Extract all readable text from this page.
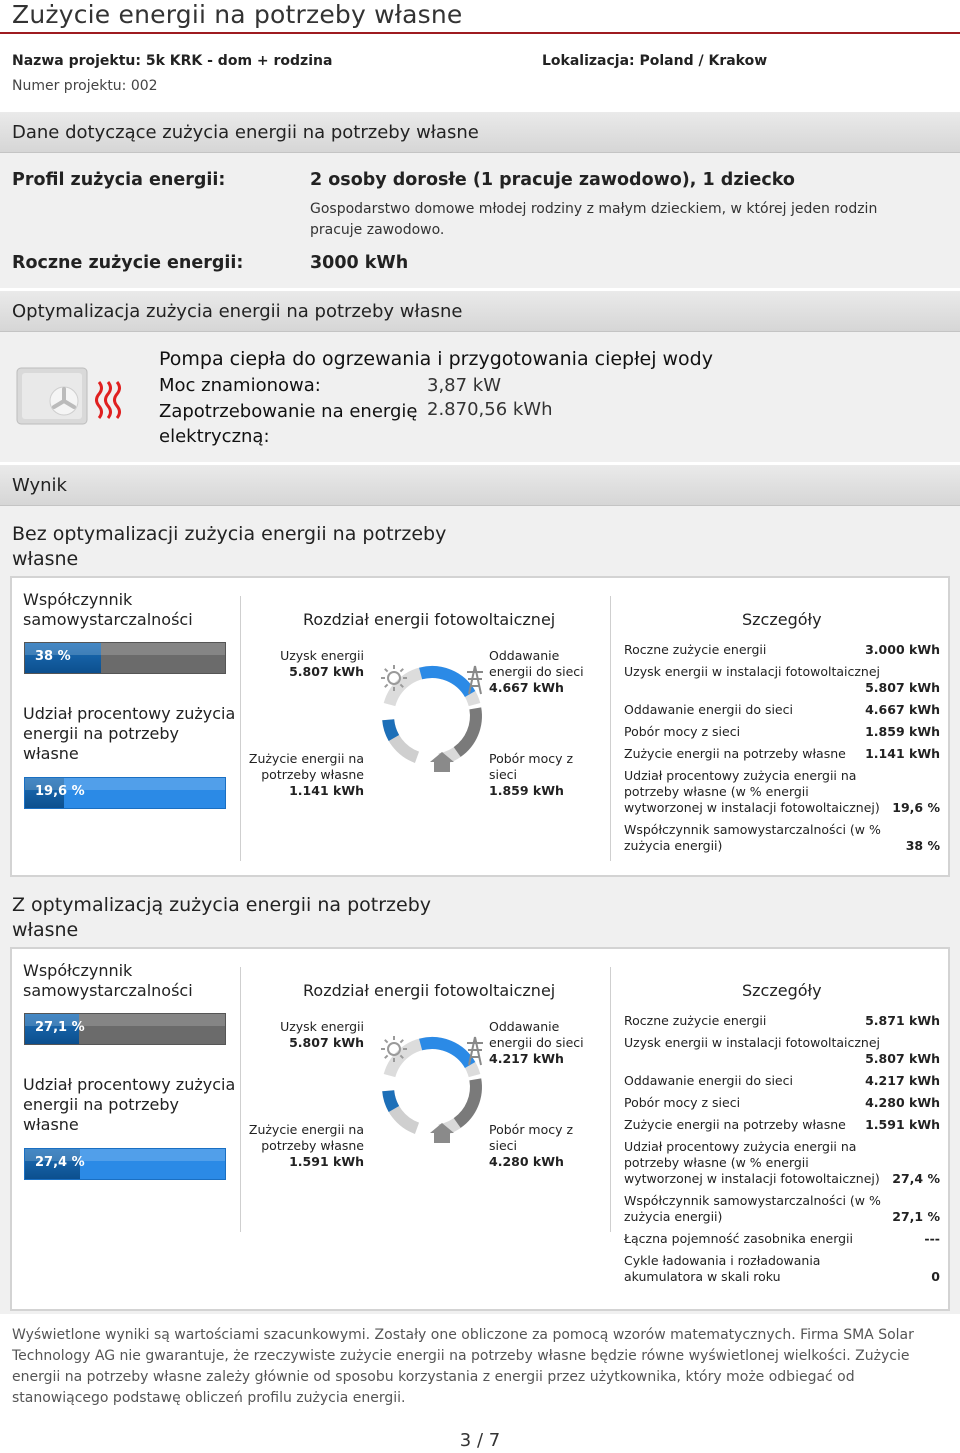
Zużycie energii na potrzeby własne
Nazwa projektu: 5k KRK - dom + rodzina
Numer projektu: 002
Lokalizacja: Poland / Krakow
Dane dotyczące zużycia energii na potrzeby własne
Profil zużycia energii:	2 osoby dorosłe (1 pracuje zawodowo), 1 dziecko
Gospodarstwo domowe młodej rodziny z małym dzieckiem, w której jeden rodzin pracuje zawodowo.
Roczne zużycie energii:	3000 kWh
Optymalizacja zużycia energii na potrzeby własne
Pompa ciepła do ogrzewania i przygotowania ciepłej wody
Moc znamionowa:	3,87 kW
Zapotrzebowanie na energię elektryczną:
2.870,56 kWh
Wynik
Bez optymalizacji zużycia energii na potrzeby własne
Współczynnik samowystarczalności	Rozdział energii fotowoltaicznej	Szczegóły
38 %
Udział procentowy zużycia energii na potrzeby własne
19,6 %
Uzysk energii
5.807 kWh
Zużycie energii na potrzeby własne
1.141 kWh
Oddawanie energii do sieci
4.667 kWh
Pobór mocy z sieci
1.859 kWh
Roczne zużycie energii	3.000 kWh
Uzysk energii w instalacji fotowoltaicznej
5.807 kWh
Oddawanie energii do sieci	4.667 kWh
Pobór mocy z sieci	1.859 kWh
Zużycie energii na potrzeby własne	1.141 kWh
Udział procentowy zużycia energii na potrzeby własne (w % energii wytworzonej w instalacji fotowoltaicznej)	19,6 %
Współczynnik samowystarczalności (w % zużycia energii)	38 %
Z optymalizacją zużycia energii na potrzeby własne
Współczynnik samowystarczalności	Rozdział energii fotowoltaicznej	Szczegóły
27,1 %
Udział procentowy zużycia energii na potrzeby własne
27,4 %
Uzysk energii
5.807 kWh
Zużycie energii na potrzeby własne
1.591 kWh
Oddawanie energii do sieci
4.217 kWh
Pobór mocy z sieci
4.280 kWh
Roczne zużycie energii	5.871 kWh
Uzysk energii w instalacji fotowoltaicznej
5.807 kWh
Oddawanie energii do sieci	4.217 kWh
Pobór mocy z sieci	4.280 kWh
Zużycie energii na potrzeby własne	1.591 kWh
Udział procentowy zużycia energii na potrzeby własne (w % energii wytworzonej w instalacji fotowoltaicznej)	27,4 %
Współczynnik samowystarczalności (w % zużycia energii)	27,1 %
Łączna pojemność zasobnika energii	---
Cykle ładowania i rozładowania akumulatora w skali roku	0
Wyświetlone wyniki są wartościami szacunkowymi. Zostały one obliczone za pomocą wzorów matematycznych. Firma SMA Solar Technology AG nie gwarantuje, że rzeczywiste zużycie energii na potrzeby własne będzie równe wyświetlonej wielkości. Zużycie energii na potrzeby własne zależy głównie od sposobu korzystania z energii przez użytkownika, który może odbiegać od stanowiącego podstawę obliczeń profilu zużycia energii.
3 / 7
